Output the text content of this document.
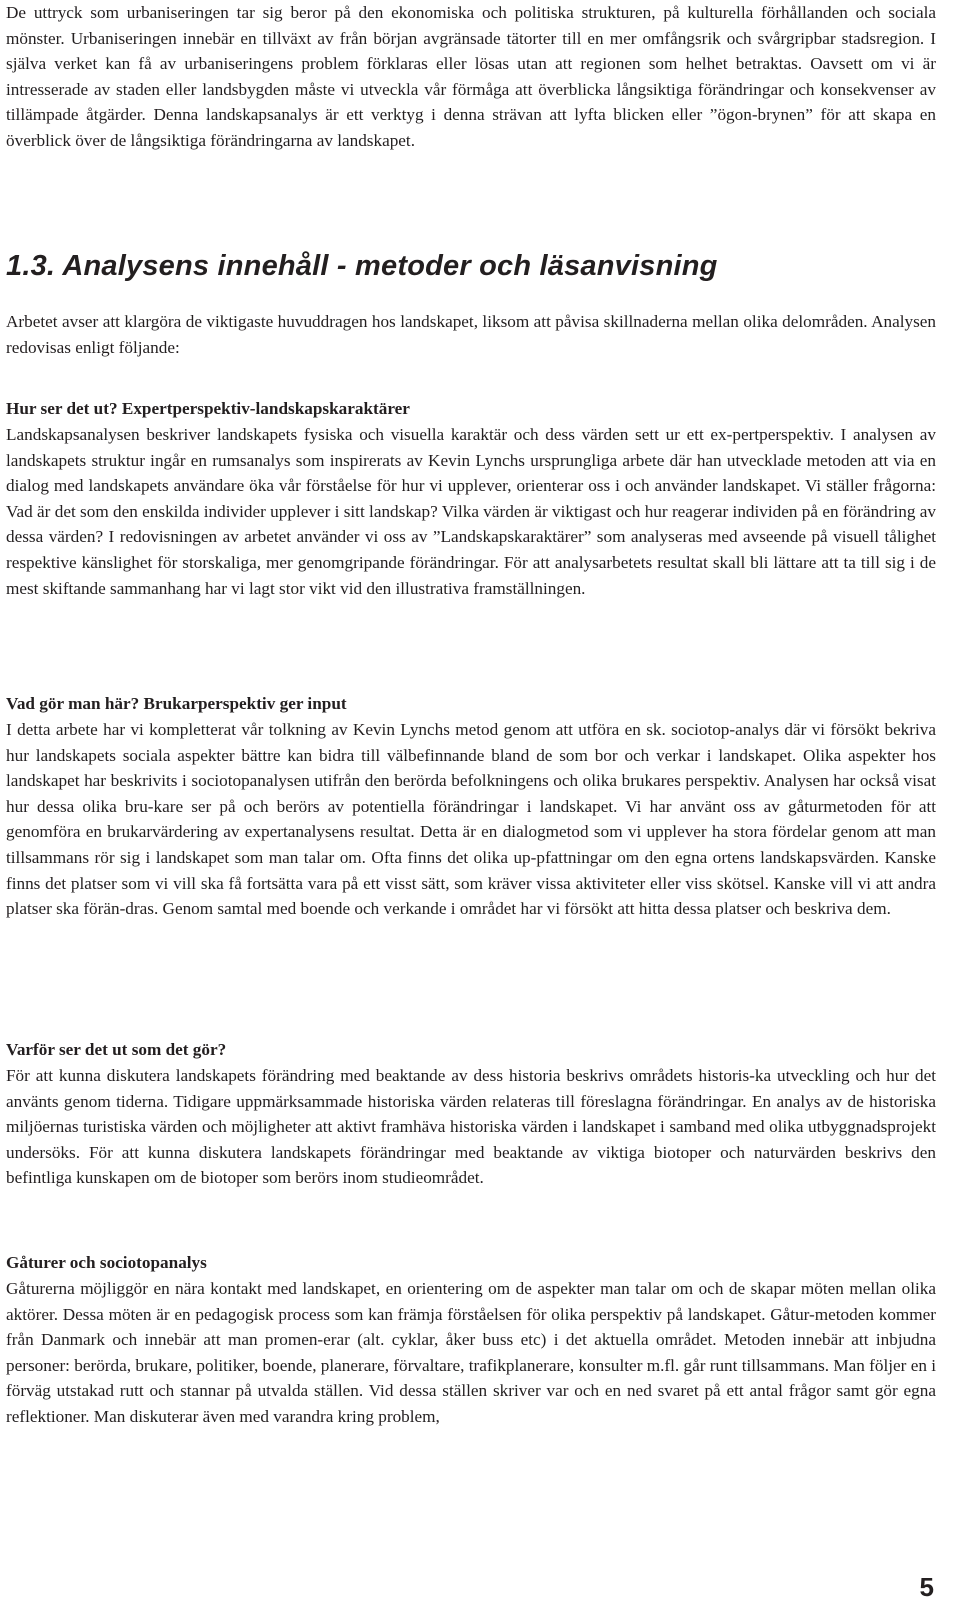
De uttryck som urbaniseringen tar sig beror på den ekonomiska och politiska strukturen, på kulturella förhållanden och sociala mönster. Urbaniseringen innebär en tillväxt av från början avgränsade tätorter till en mer omfångsrik och svårgripbar stadsregion. I själva verket kan få av urbaniseringens problem förklaras eller lösas utan att regionen som helhet betraktas. Oavsett om vi är intresserade av staden eller landsbygden måste vi utveckla vår förmåga att överblicka långsiktiga förändringar och konsekvenser av tillämpade åtgärder. Denna landskapsanalys är ett verktyg i denna strävan att lyfta blicken eller ”ögon-brynen” för att skapa en överblick över de långsiktiga förändringarna av landskapet.

1.3. Analysens innehåll - metoder och läsanvisning

Arbetet avser att klargöra de viktigaste huvuddragen hos landskapet, liksom att påvisa skillnaderna mellan olika delområden. Analysen redovisas enligt följande:

Hur ser det ut? Expertperspektiv-landskapskaraktärer

Landskapsanalysen beskriver landskapets fysiska och visuella karaktär och dess värden sett ur ett ex-pertperspektiv. I analysen av landskapets struktur ingår en rumsanalys som inspirerats av Kevin Lynchs ursprungliga arbete där han utvecklade metoden att via en dialog med landskapets användare öka vår förståelse för hur vi upplever, orienterar oss i och använder landskapet. Vi ställer frågorna: Vad är det som den enskilda individer upplever i sitt landskap? Vilka värden är viktigast och hur reagerar individen på en förändring av dessa värden? I redovisningen av arbetet använder vi oss av ”Landskapskaraktärer” som analyseras med avseende på visuell tålighet respektive känslighet för storskaliga, mer genomgripande förändringar. För att analysarbetets resultat skall bli lättare att ta till sig i de mest skiftande sammanhang har vi lagt stor vikt vid den illustrativa framställningen.

Vad gör man här? Brukarperspektiv ger input

I detta arbete har vi kompletterat vår tolkning av Kevin Lynchs metod genom att utföra en sk. sociotop-analys där vi försökt bekriva hur landskapets sociala aspekter bättre kan bidra till välbefinnande bland de som bor och verkar i landskapet. Olika aspekter hos landskapet har beskrivits i sociotopanalysen utifrån den berörda befolkningens och olika brukares perspektiv. Analysen har också visat hur dessa olika bru-kare ser på och berörs av potentiella förändringar i landskapet. Vi har använt oss av gåturmetoden för att genomföra en brukarvärdering av expertanalysens resultat. Detta är en dialogmetod som vi upplever ha stora fördelar genom att man tillsammans rör sig i landskapet som man talar om. Ofta finns det olika up-pfattningar om den egna ortens landskapsvärden. Kanske finns det platser som vi vill ska få fortsätta vara på ett visst sätt, som kräver vissa aktiviteter eller viss skötsel. Kanske vill vi att andra platser ska förän-dras. Genom samtal med boende och verkande i området har vi försökt att hitta dessa platser och beskriva dem.

Varför ser det ut som det gör?

För att kunna diskutera landskapets förändring med beaktande av dess historia beskrivs områdets historis-ka utveckling och hur det använts genom tiderna. Tidigare uppmärksammade historiska värden relateras till föreslagna förändringar. En analys av de historiska miljöernas turistiska värden och möjligheter att aktivt framhäva historiska värden i landskapet i samband med olika utbyggnadsprojekt undersöks. För att kunna diskutera landskapets förändringar med beaktande av viktiga biotoper och naturvärden beskrivs den befintliga kunskapen om de biotoper som berörs inom studieområdet.

Gåturer och sociotopanalys

Gåturerna möjliggör en nära kontakt med landskapet, en orientering om de aspekter man talar om och de skapar möten mellan olika aktörer. Dessa möten är en pedagogisk process som kan främja förståelsen för olika perspektiv på landskapet. Gåtur-metoden kommer från Danmark och innebär att man promen-erar (alt. cyklar, åker buss etc) i det aktuella området. Metoden innebär att inbjudna personer: berörda, brukare, politiker, boende, planerare, förvaltare, trafikplanerare, konsulter m.fl. går runt tillsammans. Man följer en i förväg utstakad rutt och stannar på utvalda ställen. Vid dessa ställen skriver var och en ned svaret på ett antal frågor samt gör egna reflektioner. Man diskuterar även med varandra kring problem,

5
